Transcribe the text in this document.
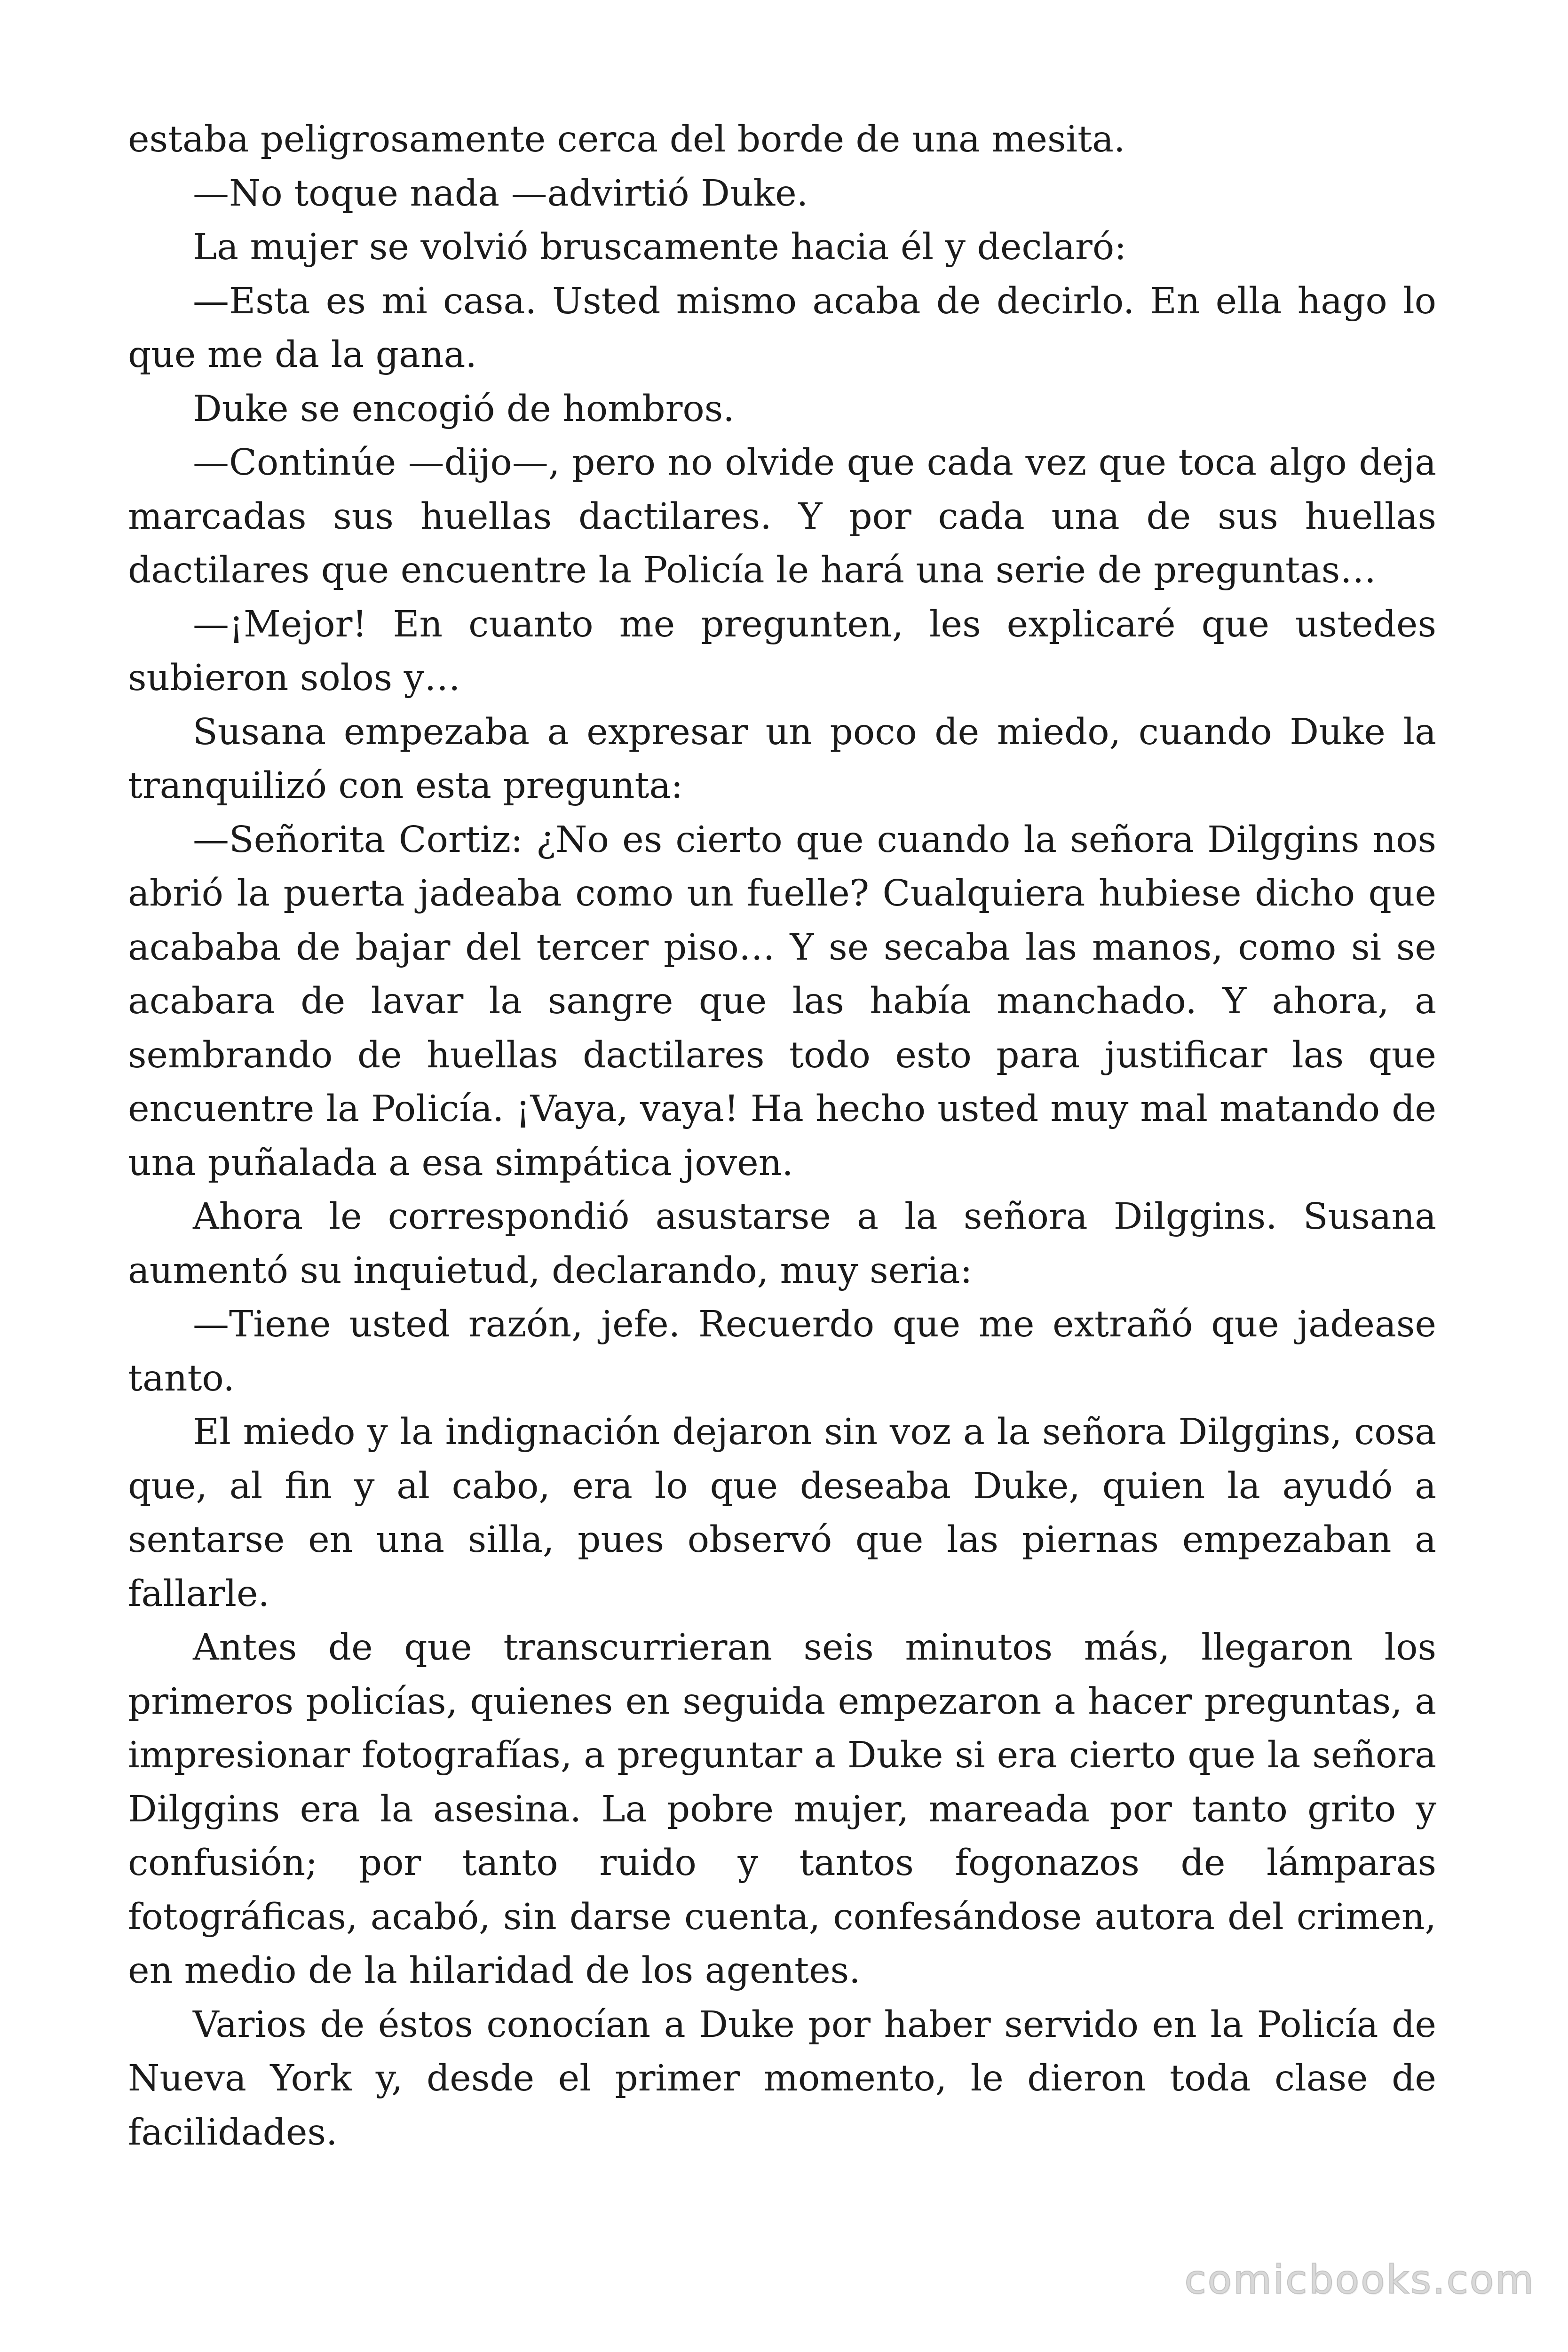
estaba peligrosamente cerca del borde de una mesita.

—No toque nada —advirtió Duke.

La mujer se volvió bruscamente hacia él y declaró:

—Esta es mi casa. Usted mismo acaba de decirlo. En ella hago lo que me da la gana.

Duke se encogió de hombros.

—Continúe —dijo—, pero no olvide que cada vez que toca algo deja marcadas sus huellas dactilares. Y por cada una de sus huellas dactilares que encuentre la Policía le hará una serie de preguntas…

—¡Mejor! En cuanto me pregunten, les explicaré que ustedes subieron solos y…

Susana empezaba a expresar un poco de miedo, cuando Duke la tranquilizó con esta pregunta:

—Señorita Cortiz: ¿No es cierto que cuando la señora Dilggins nos abrió la puerta jadeaba como un fuelle? Cualquiera hubiese dicho que acababa de bajar del tercer piso… Y se secaba las manos, como si se acabara de lavar la sangre que las había manchado. Y ahora, a sembrando de huellas dactilares todo esto para justificar las que encuentre la Policía. ¡Vaya, vaya! Ha hecho usted muy mal matando de una puñalada a esa simpática joven.

Ahora le correspondió asustarse a la señora Dilggins. Susana aumentó su inquietud, declarando, muy seria:

—Tiene usted razón, jefe. Recuerdo que me extrañó que jadease tanto.

El miedo y la indignación dejaron sin voz a la señora Dilggins, cosa que, al fin y al cabo, era lo que deseaba Duke, quien la ayudó a sentarse en una silla, pues observó que las piernas empezaban a fallarle.

Antes de que transcurrieran seis minutos más, llegaron los primeros policías, quienes en seguida empezaron a hacer preguntas, a impresionar fotografías, a preguntar a Duke si era cierto que la señora Dilggins era la asesina. La pobre mujer, mareada por tanto grito y confusión; por tanto ruido y tantos fogonazos de lámparas fotográficas, acabó, sin darse cuenta, confesándose autora del crimen, en medio de la hilaridad de los agentes.

Varios de éstos conocían a Duke por haber servido en la Policía de Nueva York y, desde el primer momento, le dieron toda clase de facilidades.

comicbooks.com
